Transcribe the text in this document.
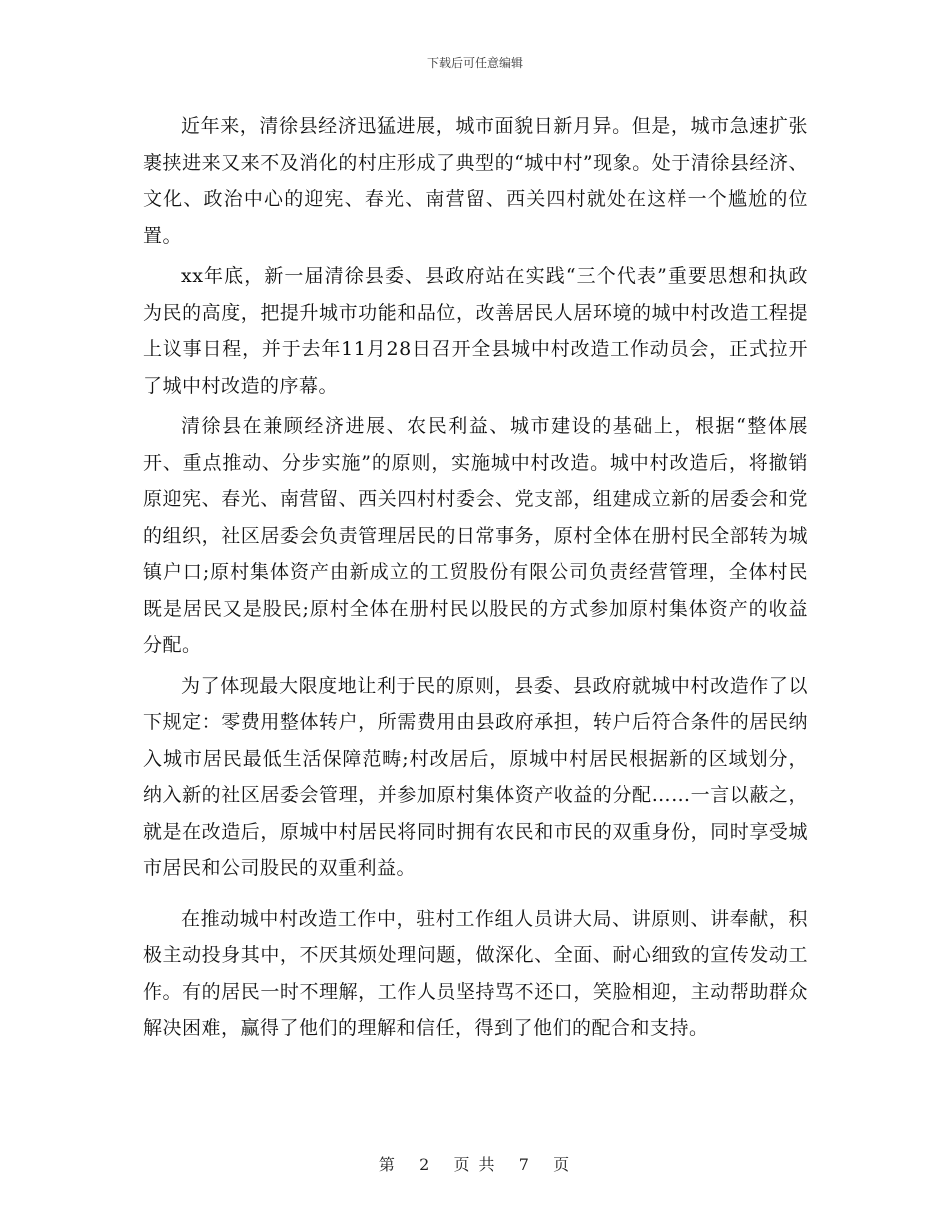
下载后可任意编辑

近年来，清徐县经济迅猛进展，城市面貌日新月异。但是，城市急速扩张裹挟进来又来不及消化的村庄形成了典型的“城中村”现象。处于清徐县经济、文化、政治中心的迎宪、春光、南营留、西关四村就处在这样一个尴尬的位置。

xx年底，新一届清徐县委、县政府站在实践“三个代表”重要思想和执政为民的高度，把提升城市功能和品位，改善居民人居环境的城中村改造工程提上议事日程，并于去年11月28日召开全县城中村改造工作动员会，正式拉开了城中村改造的序幕。

清徐县在兼顾经济进展、农民利益、城市建设的基础上，根据“整体展开、重点推动、分步实施”的原则，实施城中村改造。城中村改造后，将撤销原迎宪、春光、南营留、西关四村村委会、党支部，组建成立新的居委会和党的组织，社区居委会负责管理居民的日常事务，原村全体在册村民全部转为城镇户口;原村集体资产由新成立的工贸股份有限公司负责经营管理，全体村民既是居民又是股民;原村全体在册村民以股民的方式参加原村集体资产的收益分配。

为了体现最大限度地让利于民的原则，县委、县政府就城中村改造作了以下规定：零费用整体转户，所需费用由县政府承担，转户后符合条件的居民纳入城市居民最低生活保障范畴;村改居后，原城中村居民根据新的区域划分，纳入新的社区居委会管理，并参加原村集体资产收益的分配……一言以蔽之，就是在改造后，原城中村居民将同时拥有农民和市民的双重身份，同时享受城市居民和公司股民的双重利益。

在推动城中村改造工作中，驻村工作组人员讲大局、讲原则、讲奉献，积极主动投身其中，不厌其烦处理问题，做深化、全面、耐心细致的宣传发动工作。有的居民一时不理解，工作人员坚持骂不还口，笑脸相迎，主动帮助群众解决困难，赢得了他们的理解和信任，得到了他们的配合和支持。

第 2 页 共 7 页
